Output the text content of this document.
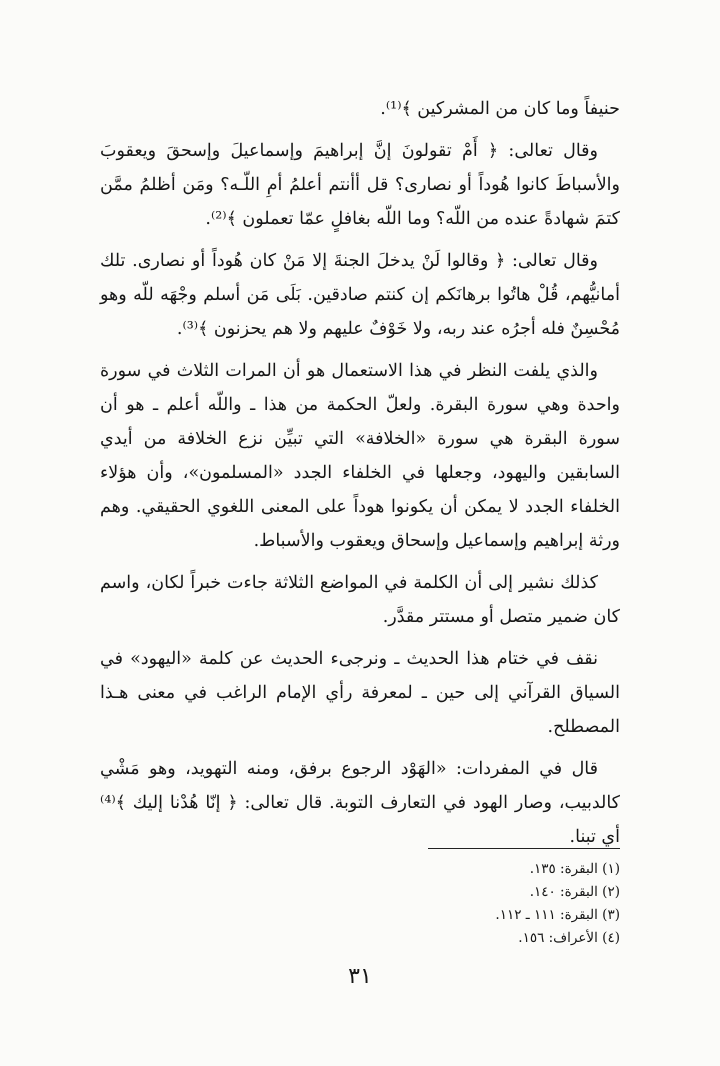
حنيفاً وما كان من المشركين ﴾⁽¹⁾.

وقال تعالى: ﴿ أَمْ تقولونَ إنَّ إبراهيمَ وإسماعيلَ وإسحقَ ويعقوبَ والأسباطَ كانوا هُوداً أو نصارى؟ قل أأنتم أعلمُ أمِ اللّـه؟ ومَن أظلمُ ممَّن كتمَ شهادةً عنده من اللّه؟ وما اللّه بغافلٍ عمّا تعملون ﴾⁽²⁾.

وقال تعالى: ﴿ وقالوا لَنْ يدخلَ الجنةَ إلا مَنْ كان هُوداً أو نصارى. تلك أمانيُّهم، قُلْ هاتُوا برهانَكم إن كنتم صادقين. بَلَى مَن أسلم وجْهَه للّه وهو مُحْسِنٌ فله أجرُه عند ربه، ولا خَوْفٌ عليهم ولا هم يحزنون ﴾⁽³⁾.

والذي يلفت النظر في هذا الاستعمال هو أن المرات الثلاث في سورة واحدة وهي سورة البقرة. ولعلّ الحكمة من هذا ـ واللّه أعلم ـ هو أن سورة البقرة هي سورة «الخلافة» التي تبيِّن نزع الخلافة من أيدي السابقين واليهود، وجعلها في الخلفاء الجدد «المسلمون»، وأن هؤلاء الخلفاء الجدد لا يمكن أن يكونوا هوداً على المعنى اللغوي الحقيقي. وهم ورثة إبراهيم وإسماعيل وإسحاق ويعقوب والأسباط.

كذلك نشير إلى أن الكلمة في المواضع الثلاثة جاءت خبراً لكان، واسم كان ضمير متصل أو مستتر مقدَّر.

نقف في ختام هذا الحديث ـ ونرجىء الحديث عن كلمة «اليهود» في السياق القرآني إلى حين ـ لمعرفة رأي الإمام الراغب في معنى هـذا المصطلح.

قال في المفردات: «الهَوْد الرجوع برفق، ومنه التهويد، وهو مَشْي كالدبيب، وصار الهود في التعارف التوبة. قال تعالى: ﴿ إنّا هُدْنا إليك ﴾⁽⁴⁾ أي تبنا.

(١) البقرة: ١٣٥.

(٢) البقرة: ١٤٠.

(٣) البقرة: ١١١ ـ ١١٢.

(٤) الأعراف: ١٥٦.

٣١
